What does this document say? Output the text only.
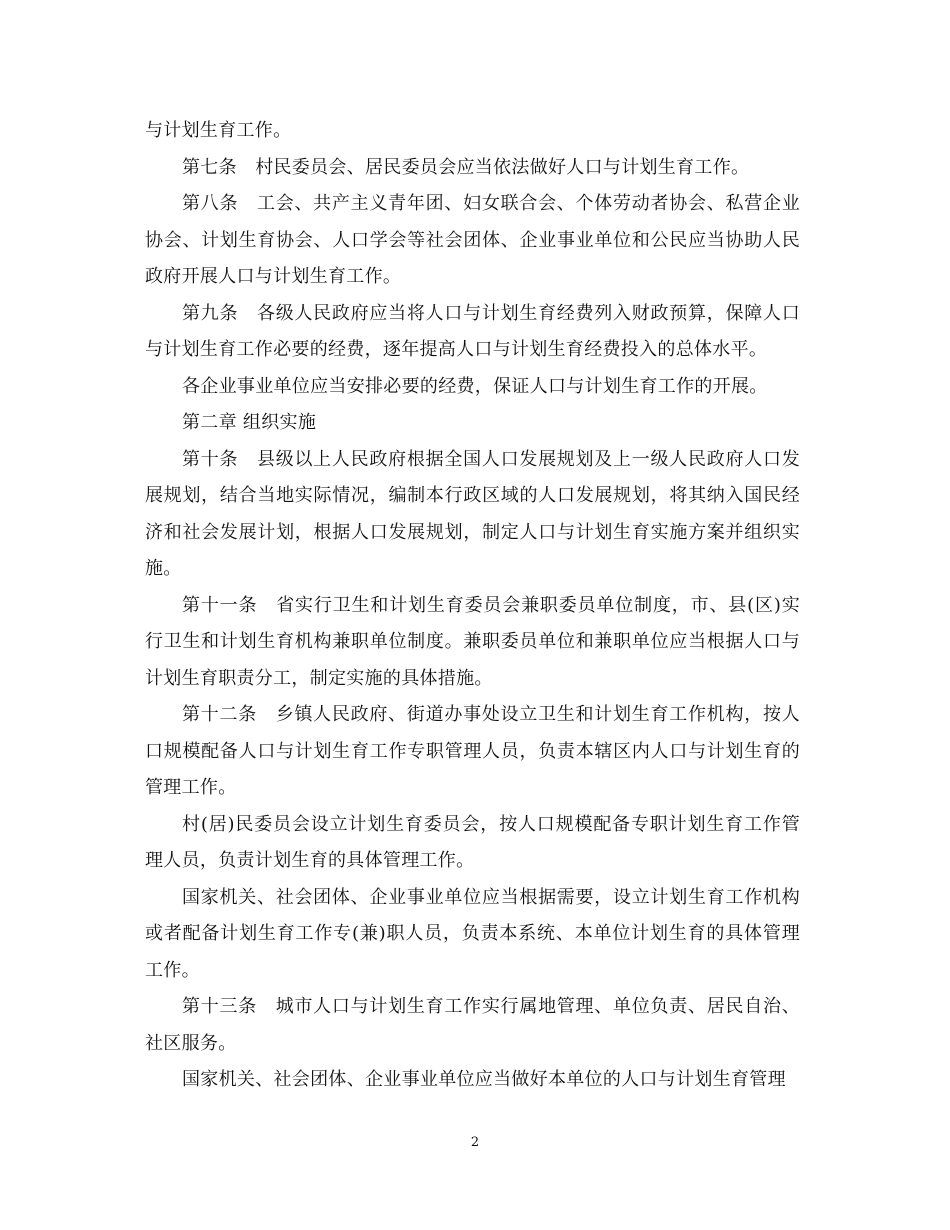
与计划生育工作。

第七条　村民委员会、居民委员会应当依法做好人口与计划生育工作。

第八条　工会、共产主义青年团、妇女联合会、个体劳动者协会、私营企业协会、计划生育协会、人口学会等社会团体、企业事业单位和公民应当协助人民政府开展人口与计划生育工作。

第九条　各级人民政府应当将人口与计划生育经费列入财政预算，保障人口与计划生育工作必要的经费，逐年提高人口与计划生育经费投入的总体水平。

各企业事业单位应当安排必要的经费，保证人口与计划生育工作的开展。

第二章 组织实施

第十条　县级以上人民政府根据全国人口发展规划及上一级人民政府人口发展规划，结合当地实际情况，编制本行政区域的人口发展规划，将其纳入国民经济和社会发展计划，根据人口发展规划，制定人口与计划生育实施方案并组织实施。

第十一条　省实行卫生和计划生育委员会兼职委员单位制度，市、县(区)实行卫生和计划生育机构兼职单位制度。兼职委员单位和兼职单位应当根据人口与计划生育职责分工，制定实施的具体措施。

第十二条　乡镇人民政府、街道办事处设立卫生和计划生育工作机构，按人口规模配备人口与计划生育工作专职管理人员，负责本辖区内人口与计划生育的管理工作。

村(居)民委员会设立计划生育委员会，按人口规模配备专职计划生育工作管理人员，负责计划生育的具体管理工作。

国家机关、社会团体、企业事业单位应当根据需要，设立计划生育工作机构或者配备计划生育工作专(兼)职人员，负责本系统、本单位计划生育的具体管理工作。

第十三条　城市人口与计划生育工作实行属地管理、单位负责、居民自治、社区服务。

国家机关、社会团体、企业事业单位应当做好本单位的人口与计划生育管理

2
